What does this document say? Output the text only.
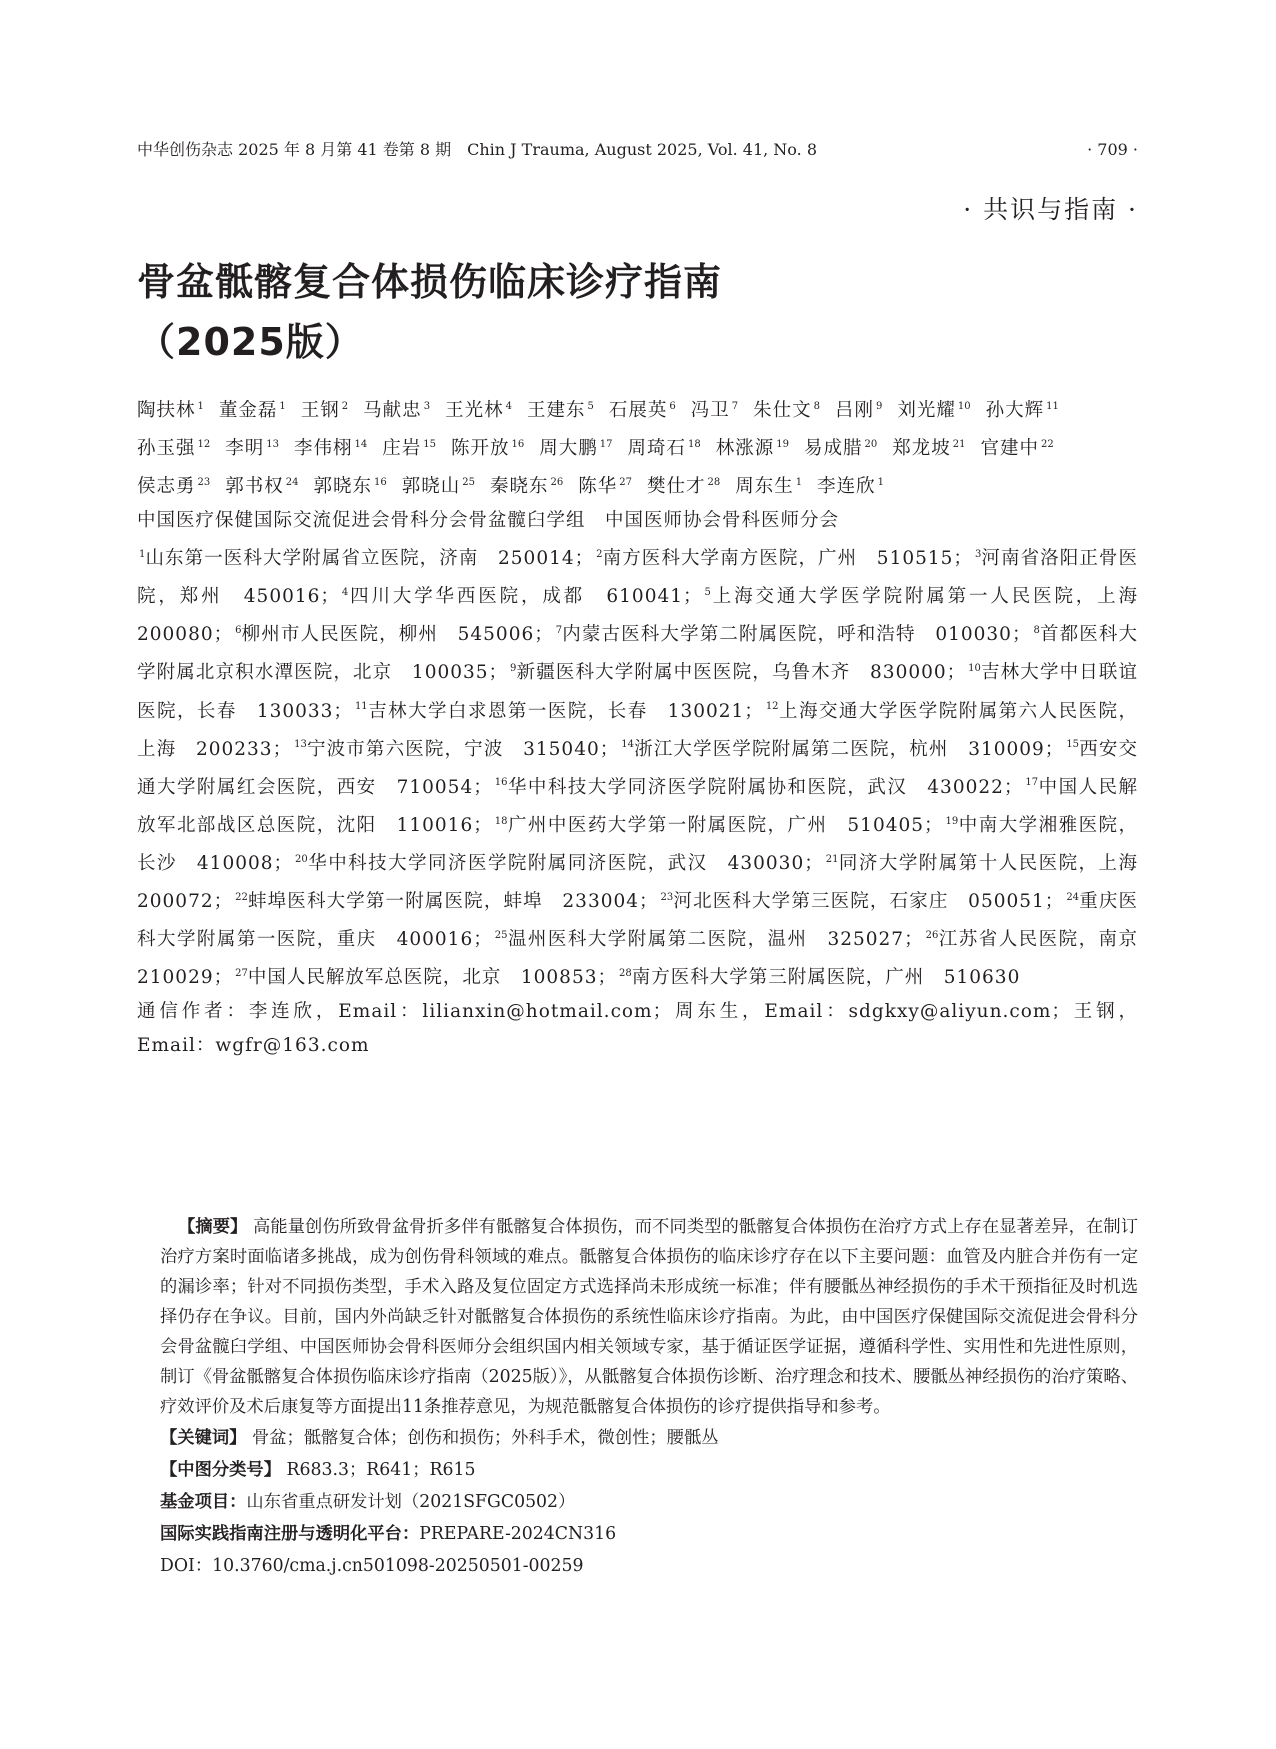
中华创伤杂志 2025 年 8 月第 41 卷第 8 期　Chin J Trauma, August 2025, Vol. 41, No. 8	· 709 ·
· 共识与指南 ·
骨盆骶髂复合体损伤临床诊疗指南
（2025版）
陶扶林 $^1$ 董金磊 $^1$ 王钢 $^2$ 马献忠 $^3$ 王光林 $^4$ 王建东 $^5$ 石展英 $^6$ 冯卫 $^7$ 朱仕文 $^8$ 吕刚 $^9$ 刘光耀 $^{10}$ 孙大辉 $^{11}$孙玉强 $^{12}$ 李明 $^{13}$ 李伟栩 $^{14}$ 庄岩 $^{15}$ 陈开放 $^{16}$ 周大鹏 $^{17}$ 周琦石 $^{18}$ 林涨源 $^{19}$ 易成腊 $^{20}$ 郑龙坡 $^{21}$ 官建中 $^{22}$侯志勇 $^{23}$ 郭书权 $^{24}$ 郭晓东 $^{16}$ 郭晓山 $^{25}$ 秦晓东 $^{26}$ 陈华 $^{27}$ 樊仕才 $^{28}$ 周东生 $^1$ 李连欣 $^1$
中国医疗保健国际交流促进会骨科分会骨盆髋臼学组　中国医师协会骨科医师分会
$^1$山东第一医科大学附属省立医院，济南　250014； $^2$南方医科大学南方医院，广州　510515； $^3$河南省洛阳正骨医院，郑州　450016； $^4$四川大学华西医院，成都　610041； $^5$上海交通大学医学院附属第一人民医院，上海　200080； $^6$柳州市人民医院，柳州　545006； $^7$内蒙古医科大学第二附属医院，呼和浩特　010030； $^8$首都医科大学附属北京积水潭医院，北京　100035； $^9$新疆医科大学附属中医医院，乌鲁木齐　830000； $^{10}$吉林大学中日联谊医院，长春　130033； $^{11}$吉林大学白求恩第一医院，长春　130021； $^{12}$上海交通大学医学院附属第六人民医院，上海　200233； $^{13}$宁波市第六医院，宁波　315040； $^{14}$浙江大学医学院附属第二医院，杭州　310009； $^{15}$西安交通大学附属红会医院，西安　710054； $^{16}$华中科技大学同济医学院附属协和医院，武汉　430022； $^{17}$中国人民解放军北部战区总医院，沈阳　110016； $^{18}$广州中医药大学第一附属医院，广州　510405； $^{19}$中南大学湘雅医院，长沙　410008； $^{20}$华中科技大学同济医学院附属同济医院，武汉　430030； $^{21}$同济大学附属第十人民医院，上海　200072； $^{22}$蚌埠医科大学第一附属医院，蚌埠　233004； $^{23}$河北医科大学第三医院，石家庄　050051； $^{24}$重庆医科大学附属第一医院，重庆　400016； $^{25}$温州医科大学附属第二医院，温州　325027； $^{26}$江苏省人民医院，南京　210029； $^{27}$中国人民解放军总医院，北京　100853； $^{28}$南方医科大学第三附属医院，广州　510630
通信作者：李连欣，Email：lilianxin@hotmail.com；周东生，Email：sdgkxy@aliyun.com；王钢，Email：wgfr@163.com

【摘要】 高能量创伤所致骨盆骨折多伴有骶髂复合体损伤，而不同类型的骶髂复合体损伤在治疗方式上存在显著差异，在制订治疗方案时面临诸多挑战，成为创伤骨科领域的难点。骶髂复合体损伤的临床诊疗存在以下主要问题：血管及内脏合并伤有一定的漏诊率；针对不同损伤类型，手术入路及复位固定方式选择尚未形成统一标准；伴有腰骶丛神经损伤的手术干预指征及时机选择仍存在争议。目前，国内外尚缺乏针对骶髂复合体损伤的系统性临床诊疗指南。为此，由中国医疗保健国际交流促进会骨科分会骨盆髋臼学组、中国医师协会骨科医师分会组织国内相关领域专家，基于循证医学证据，遵循科学性、实用性和先进性原则，制订《骨盆骶髂复合体损伤临床诊疗指南（2025版）》，从骶髂复合体损伤诊断、治疗理念和技术、腰骶丛神经损伤的治疗策略、疗效评价及术后康复等方面提出11条推荐意见，为规范骶髂复合体损伤的诊疗提供指导和参考。

【关键词】 骨盆；骶髂复合体；创伤和损伤；外科手术，微创性；腰骶丛

【中图分类号】 R683.3；R641；R615

基金项目：山东省重点研发计划（2021SFGC0502）

国际实践指南注册与透明化平台：PREPARE-2024CN316

DOI：10.3760/cma.j.cn501098-20250501-00259
